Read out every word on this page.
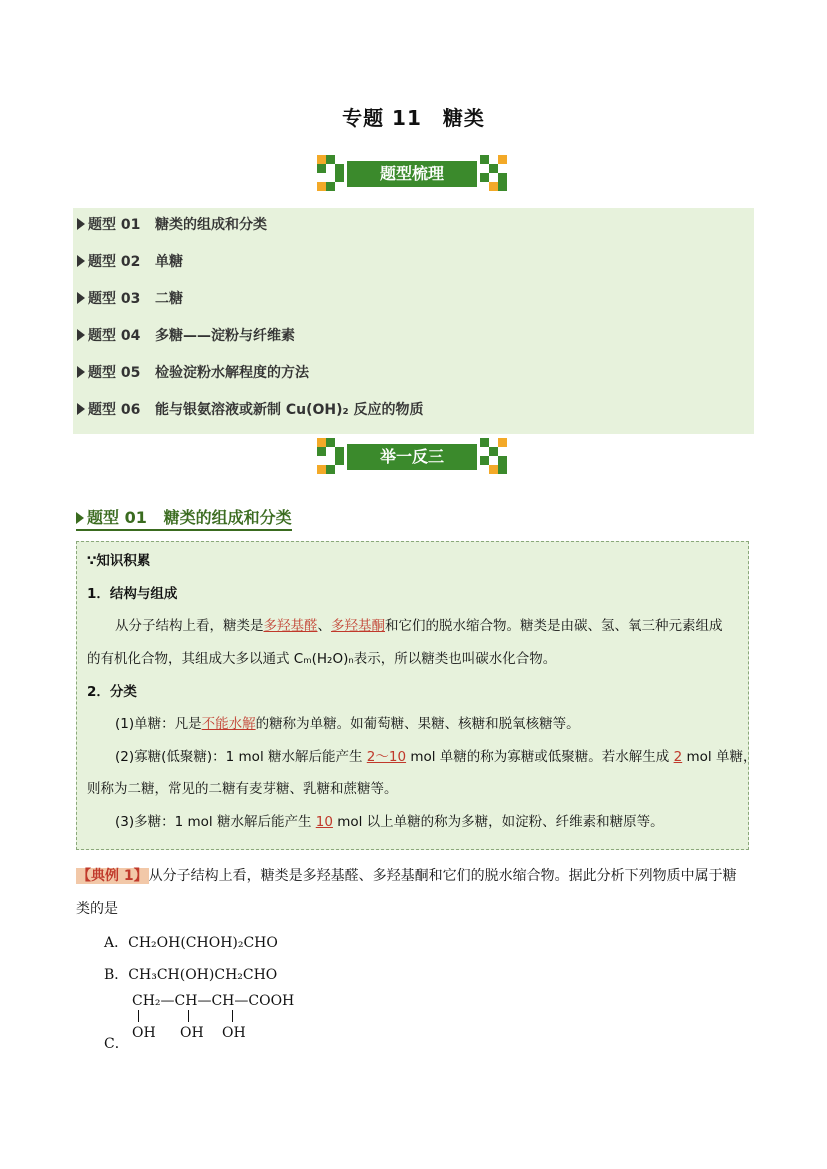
专题 11　糖类
题型梳理
题型 01 糖类的组成和分类
题型 02 单糖
题型 03 二糖
题型 04 多糖——淀粉与纤维素
题型 05 检验淀粉水解程度的方法
题型 06 能与银氨溶液或新制 Cu(OH)₂ 反应的物质
举一反三
题型 01 糖类的组成和分类
∵知识积累
1．结构与组成
从分子结构上看，糖类是多羟基醛、多羟基酮和它们的脱水缩合物。糖类是由碳、氢、氧三种元素组成
的有机化合物，其组成大多以通式 Cₘ(H₂O)ₙ表示，所以糖类也叫碳水化合物。
2．分类
(1)单糖：凡是不能水解的糖称为单糖。如葡萄糖、果糖、核糖和脱氧核糖等。
(2)寡糖(低聚糖)：1 mol 糖水解后能产生 2～10 mol 单糖的称为寡糖或低聚糖。若水解生成 2 mol 单糖，
则称为二糖，常见的二糖有麦芽糖、乳糖和蔗糖等。
(3)多糖：1 mol 糖水解后能产生 10 mol 以上单糖的称为多糖，如淀粉、纤维素和糖原等。
【典例 1】从分子结构上看，糖类是多羟基醛、多羟基酮和它们的脱水缩合物。据此分析下列物质中属于糖
类的是
A．CH₂OH(CHOH)₂CHO
B．CH₃CH(OH)CH₂CHO
CH₂—CH—CH—COOH
OH OH OH
C．
